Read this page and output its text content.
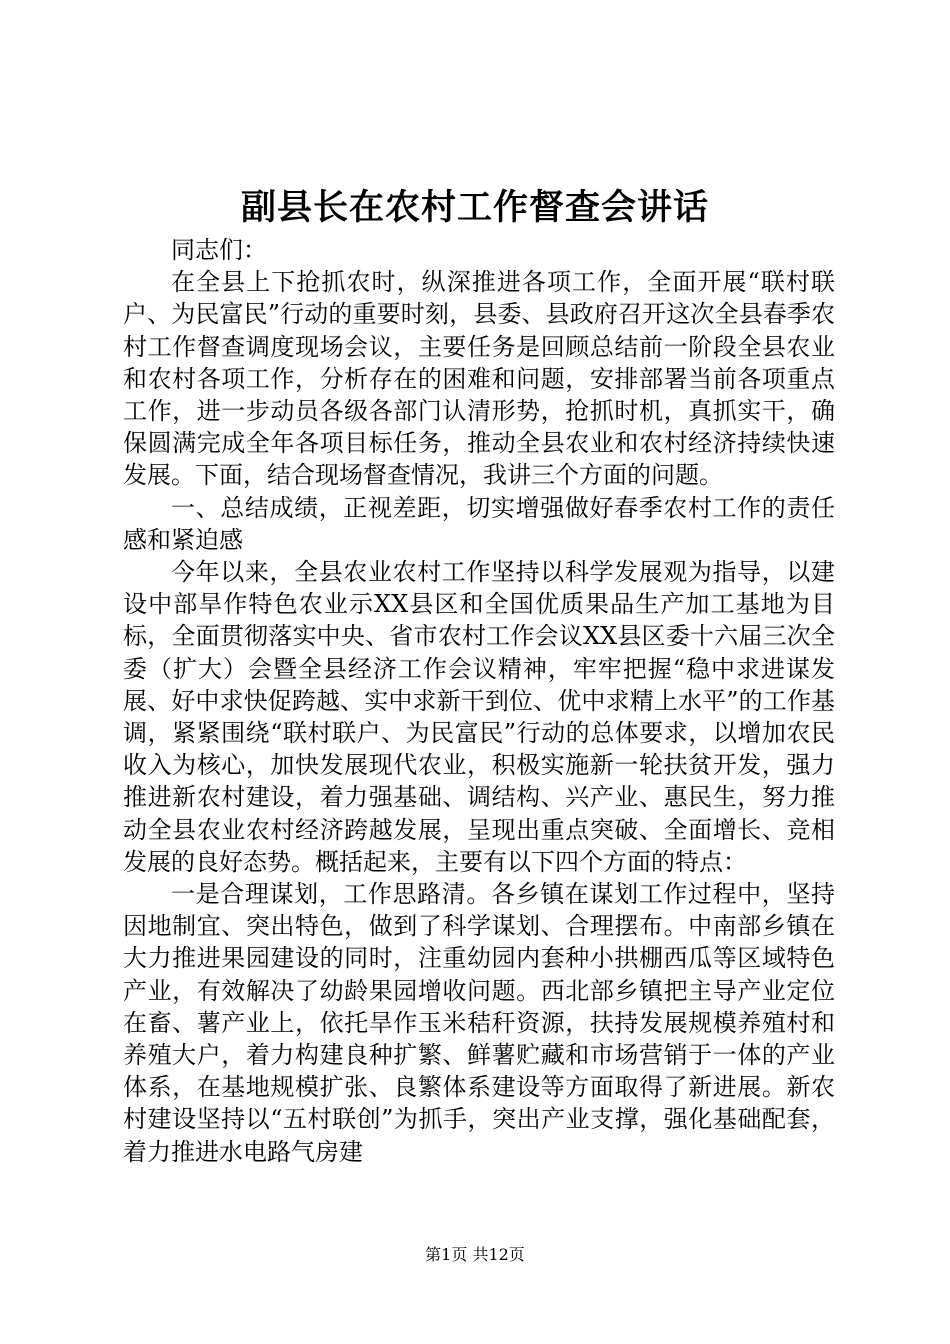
副县长在农村工作督查会讲话

同志们：

在全县上下抢抓农时，纵深推进各项工作，全面开展“联村联户、为民富民”行动的重要时刻，县委、县政府召开这次全县春季农村工作督查调度现场会议，主要任务是回顾总结前一阶段全县农业和农村各项工作，分析存在的困难和问题，安排部署当前各项重点工作，进一步动员各级各部门认清形势，抢抓时机，真抓实干，确保圆满完成全年各项目标任务，推动全县农业和农村经济持续快速发展。下面，结合现场督查情况，我讲三个方面的问题。

一、总结成绩，正视差距，切实增强做好春季农村工作的责任感和紧迫感

今年以来，全县农业农村工作坚持以科学发展观为指导，以建设中部旱作特色农业示XX县区和全国优质果品生产加工基地为目标，全面贯彻落实中央、省市农村工作会议XX县区委十六届三次全委（扩大）会暨全县经济工作会议精神，牢牢把握“稳中求进谋发展、好中求快促跨越、实中求新干到位、优中求精上水平”的工作基调，紧紧围绕“联村联户、为民富民”行动的总体要求，以增加农民收入为核心，加快发展现代农业，积极实施新一轮扶贫开发，强力推进新农村建设，着力强基础、调结构、兴产业、惠民生，努力推动全县农业农村经济跨越发展，呈现出重点突破、全面增长、竞相发展的良好态势。概括起来，主要有以下四个方面的特点：

一是合理谋划，工作思路清。各乡镇在谋划工作过程中，坚持因地制宜、突出特色，做到了科学谋划、合理摆布。中南部乡镇在大力推进果园建设的同时，注重幼园内套种小拱棚西瓜等区域特色产业，有效解决了幼龄果园增收问题。西北部乡镇把主导产业定位在畜、薯产业上，依托旱作玉米秸秆资源，扶持发展规模养殖村和养殖大户，着力构建良种扩繁、鲜薯贮藏和市场营销于一体的产业体系，在基地规模扩张、良繁体系建设等方面取得了新进展。新农村建设坚持以“五村联创”为抓手，突出产业支撑，强化基础配套，着力推进水电路气房建

第1页 共12页
